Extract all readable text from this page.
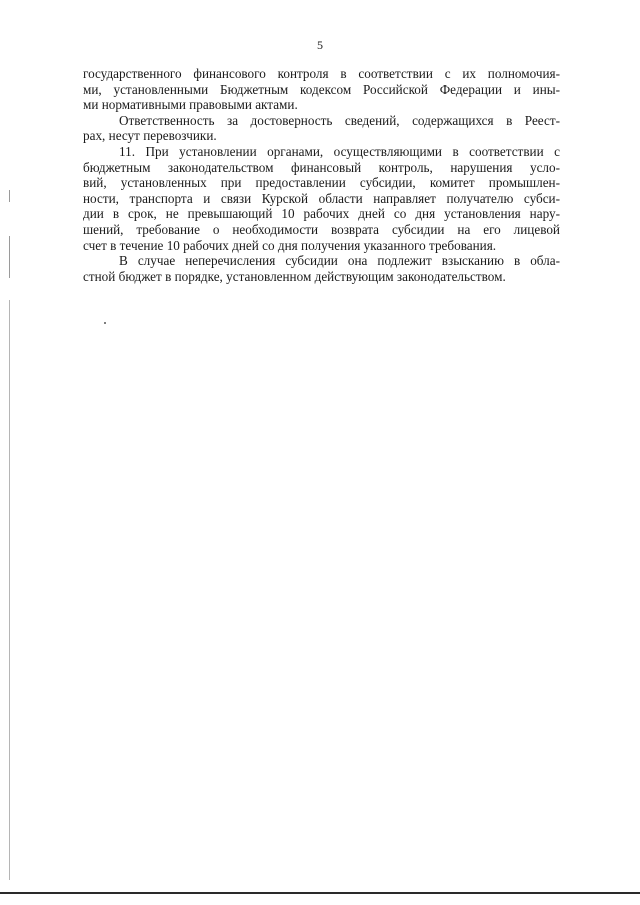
5

государственного финансового контроля в соответствии с их полномочия-
ми, установленными Бюджетным кодексом Российской Федерации и ины-
ми нормативными правовыми актами.

Ответственность за достоверность сведений, содержащихся в Реест-
рах, несут перевозчики.

11. При установлении органами, осуществляющими в соответствии с
бюджетным законодательством финансовый контроль, нарушения усло-
вий, установленных при предоставлении субсидии, комитет промышлен-
ности, транспорта и связи Курской области направляет получателю субси-
дии в срок, не превышающий 10 рабочих дней со дня установления нару-
шений, требование о необходимости возврата субсидии на его лицевой
счет в течение 10 рабочих дней со дня получения указанного требования.

В случае неперечисления субсидии она подлежит взысканию в обла-
стной бюджет в порядке, установленном действующим законодательством.
